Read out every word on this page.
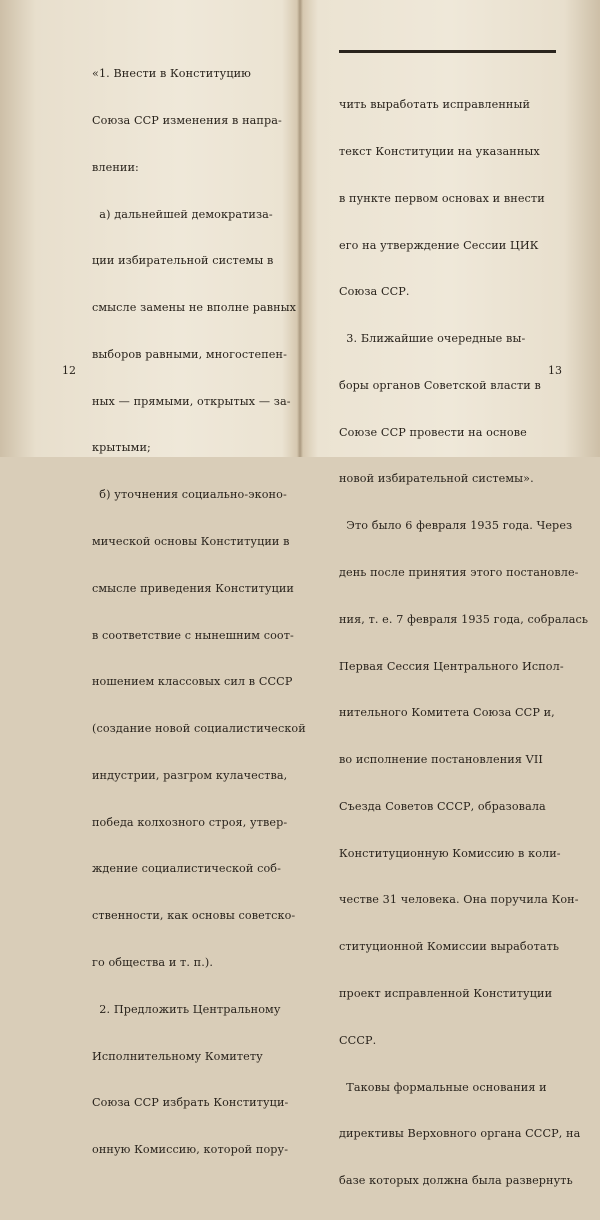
«1. Внести в Конституцию

Союза ССР изменения в напра-

влении:

а) дальнейшей демократиза-

ции избирательной системы в

смысле замены не вполне равных

выборов равными, многостепен-

ных — прямыми, открытых — за-

крытыми;

б) уточнения социально-эконо-

мической основы Конституции в

смысле приведения Конституции

в соответствие с нынешним соот-

ношением классовых сил в СССР

(создание новой социалистической

индустрии, разгром кулачества,

победа колхозного строя, утвер-

ждение социалистической соб-

ственности, как основы советско-

го общества и т. п.).

2. Предложить Центральному

Исполнительному Комитету

Союза ССР избрать Конституци-

онную Комиссию, которой пору-

12

чить выработать исправленный

текст Конституции на указанных

в пункте первом основах и внести

его на утверждение Сессии ЦИК

Союза ССР.

3. Ближайшие очередные вы-

боры органов Советской власти в

Союзе ССР провести на основе

новой избирательной системы».

Это было 6 февраля 1935 года. Через

день после принятия этого постановле-

ния, т. е. 7 февраля 1935 года, собралась

Первая Сессия Центрального Испол-

нительного Комитета Союза ССР и,

во исполнение постановления VII

Съезда Советов СССР, образовала

Конституционную Комиссию в коли-

честве 31 человека. Она поручила Кон-

ституционной Комиссии выработать

проект исправленной Конституции

СССР.

Таковы формальные основания и

директивы Верховного органа СССР, на

базе которых должна была развернуть

13
